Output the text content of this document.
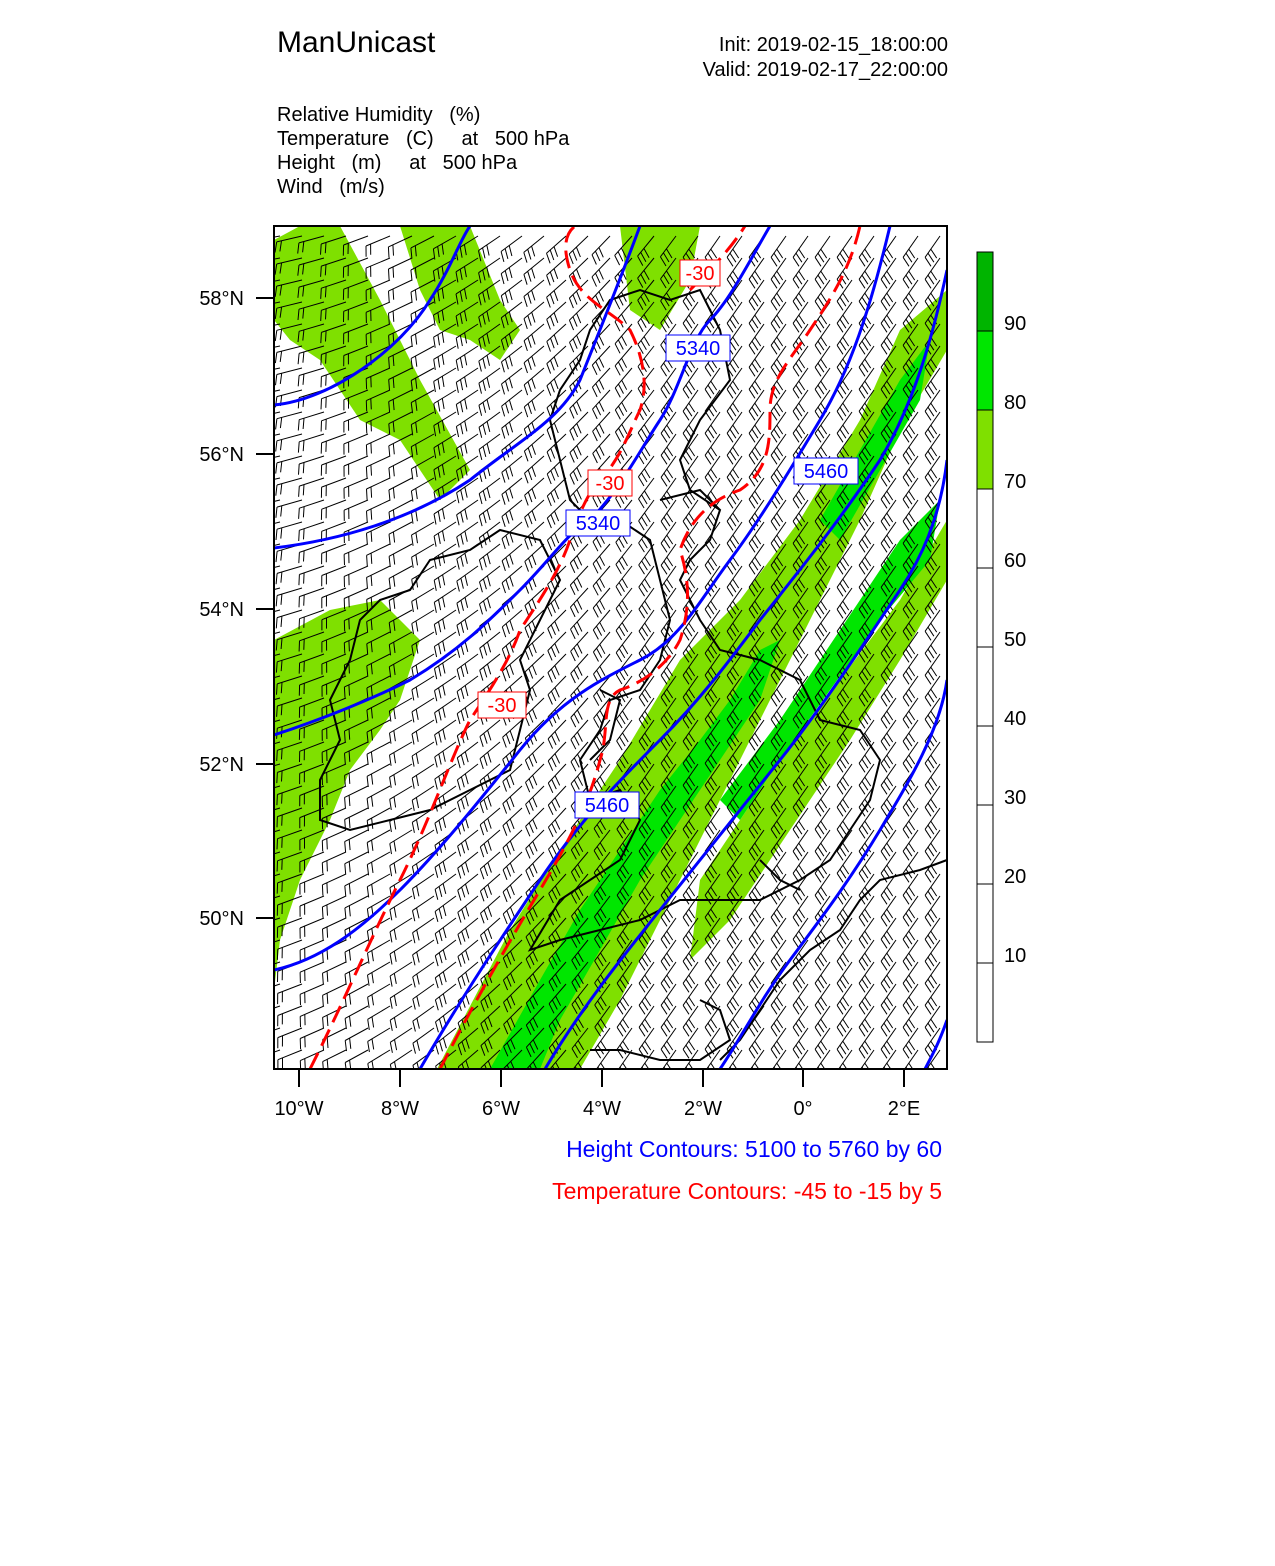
ManUnicast	Init: 2019-02-15_18:00:00
Valid: 2019-02-17_22:00:00
Relative Humidity   (%)
Temperature   (C)     at   500 hPa
Height   (m)     at   500 hPa
Wind   (m/s)
5340
5340
5460
5460
-30
-30
-30
58°N
56°N
54°N
52°N
50°N
10°W	8°W	6°W	4°W	2°W	0°	2°E
90
80
70
60
50
40
30
20
10
Height Contours: 5100 to 5760 by 60
Temperature Contours: -45 to -15 by 5
